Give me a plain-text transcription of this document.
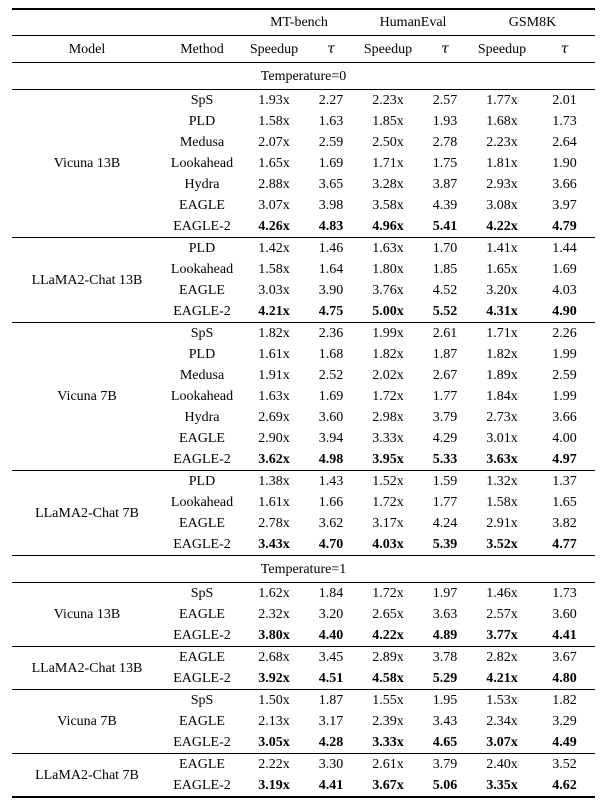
		MT-bench		HumanEval		GSM8K	
Model	Method	Speedup	τ	Speedup	τ	Speedup	τ
Temperature=0							
Vicuna 13B	SpS	1.93x	2.27	2.23x	2.57	1.77x	2.01
	PLD	1.58x	1.63	1.85x	1.93	1.68x	1.73
	Medusa	2.07x	2.59	2.50x	2.78	2.23x	2.64
	Lookahead	1.65x	1.69	1.71x	1.75	1.81x	1.90
	Hydra	2.88x	3.65	3.28x	3.87	2.93x	3.66
	EAGLE	3.07x	3.98	3.58x	4.39	3.08x	3.97
	EAGLE-2	4.26x	4.83	4.96x	5.41	4.22x	4.79
LLaMA2-Chat 13B	PLD	1.42x	1.46	1.63x	1.70	1.41x	1.44
	Lookahead	1.58x	1.64	1.80x	1.85	1.65x	1.69
	EAGLE	3.03x	3.90	3.76x	4.52	3.20x	4.03
	EAGLE-2	4.21x	4.75	5.00x	5.52	4.31x	4.90
Vicuna 7B	SpS	1.82x	2.36	1.99x	2.61	1.71x	2.26
	PLD	1.61x	1.68	1.82x	1.87	1.82x	1.99
	Medusa	1.91x	2.52	2.02x	2.67	1.89x	2.59
	Lookahead	1.63x	1.69	1.72x	1.77	1.84x	1.99
	Hydra	2.69x	3.60	2.98x	3.79	2.73x	3.66
	EAGLE	2.90x	3.94	3.33x	4.29	3.01x	4.00
	EAGLE-2	3.62x	4.98	3.95x	5.33	3.63x	4.97
LLaMA2-Chat 7B	PLD	1.38x	1.43	1.52x	1.59	1.32x	1.37
	Lookahead	1.61x	1.66	1.72x	1.77	1.58x	1.65
	EAGLE	2.78x	3.62	3.17x	4.24	2.91x	3.82
	EAGLE-2	3.43x	4.70	4.03x	5.39	3.52x	4.77
Temperature=1							
Vicuna 13B	SpS	1.62x	1.84	1.72x	1.97	1.46x	1.73
	EAGLE	2.32x	3.20	2.65x	3.63	2.57x	3.60
	EAGLE-2	3.80x	4.40	4.22x	4.89	3.77x	4.41
LLaMA2-Chat 13B	EAGLE	2.68x	3.45	2.89x	3.78	2.82x	3.67
	EAGLE-2	3.92x	4.51	4.58x	5.29	4.21x	4.80
Vicuna 7B	SpS	1.50x	1.87	1.55x	1.95	1.53x	1.82
	EAGLE	2.13x	3.17	2.39x	3.43	2.34x	3.29
	EAGLE-2	3.05x	4.28	3.33x	4.65	3.07x	4.49
LLaMA2-Chat 7B	EAGLE	2.22x	3.30	2.61x	3.79	2.40x	3.52
	EAGLE-2	3.19x	4.41	3.67x	5.06	3.35x	4.62
